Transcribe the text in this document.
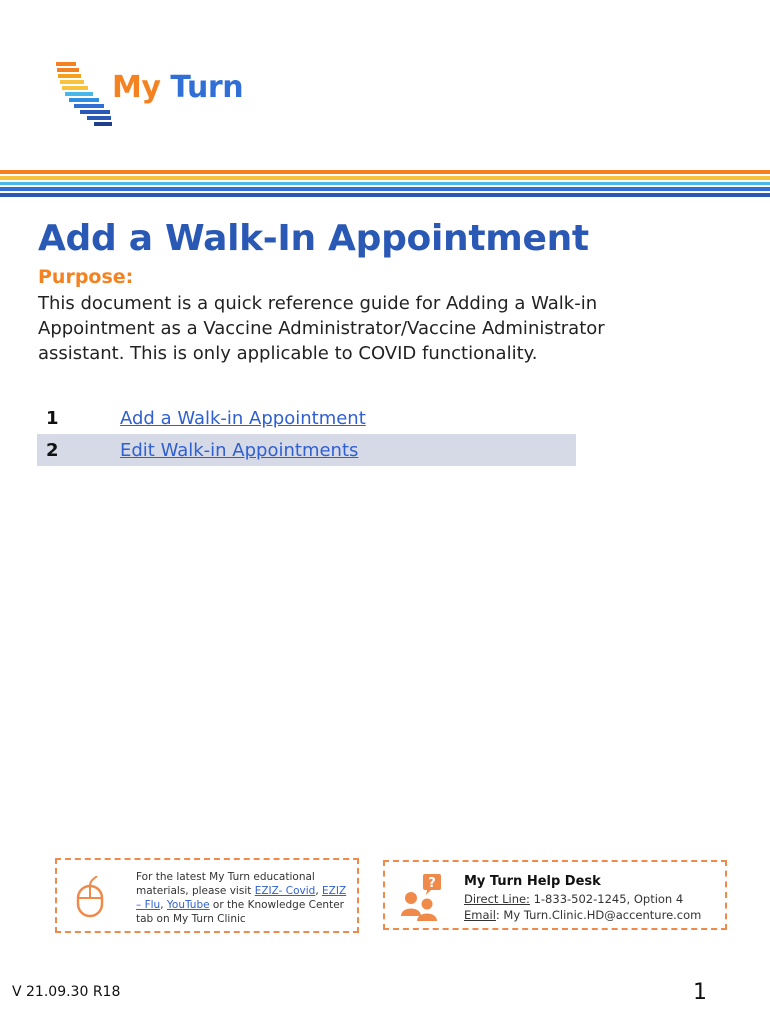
My Turn
Add a Walk-In Appointment
Purpose:
This document is a quick reference guide for Adding a Walk-in Appointment as a Vaccine Administrator/Vaccine Administrator assistant. This is only applicable to COVID functionality.
1	Add a Walk-in Appointment
2	Edit Walk-in Appointments
For the latest My Turn educational materials, please visit EZIZ- Covid, EZIZ – Flu, YouTube or the Knowledge Center tab on My Turn Clinic
? My Turn Help Desk
Direct Line: 1-833-502-1245, Option 4
Email: My Turn.Clinic.HD@accenture.com
V 21.09.30 R18	1
